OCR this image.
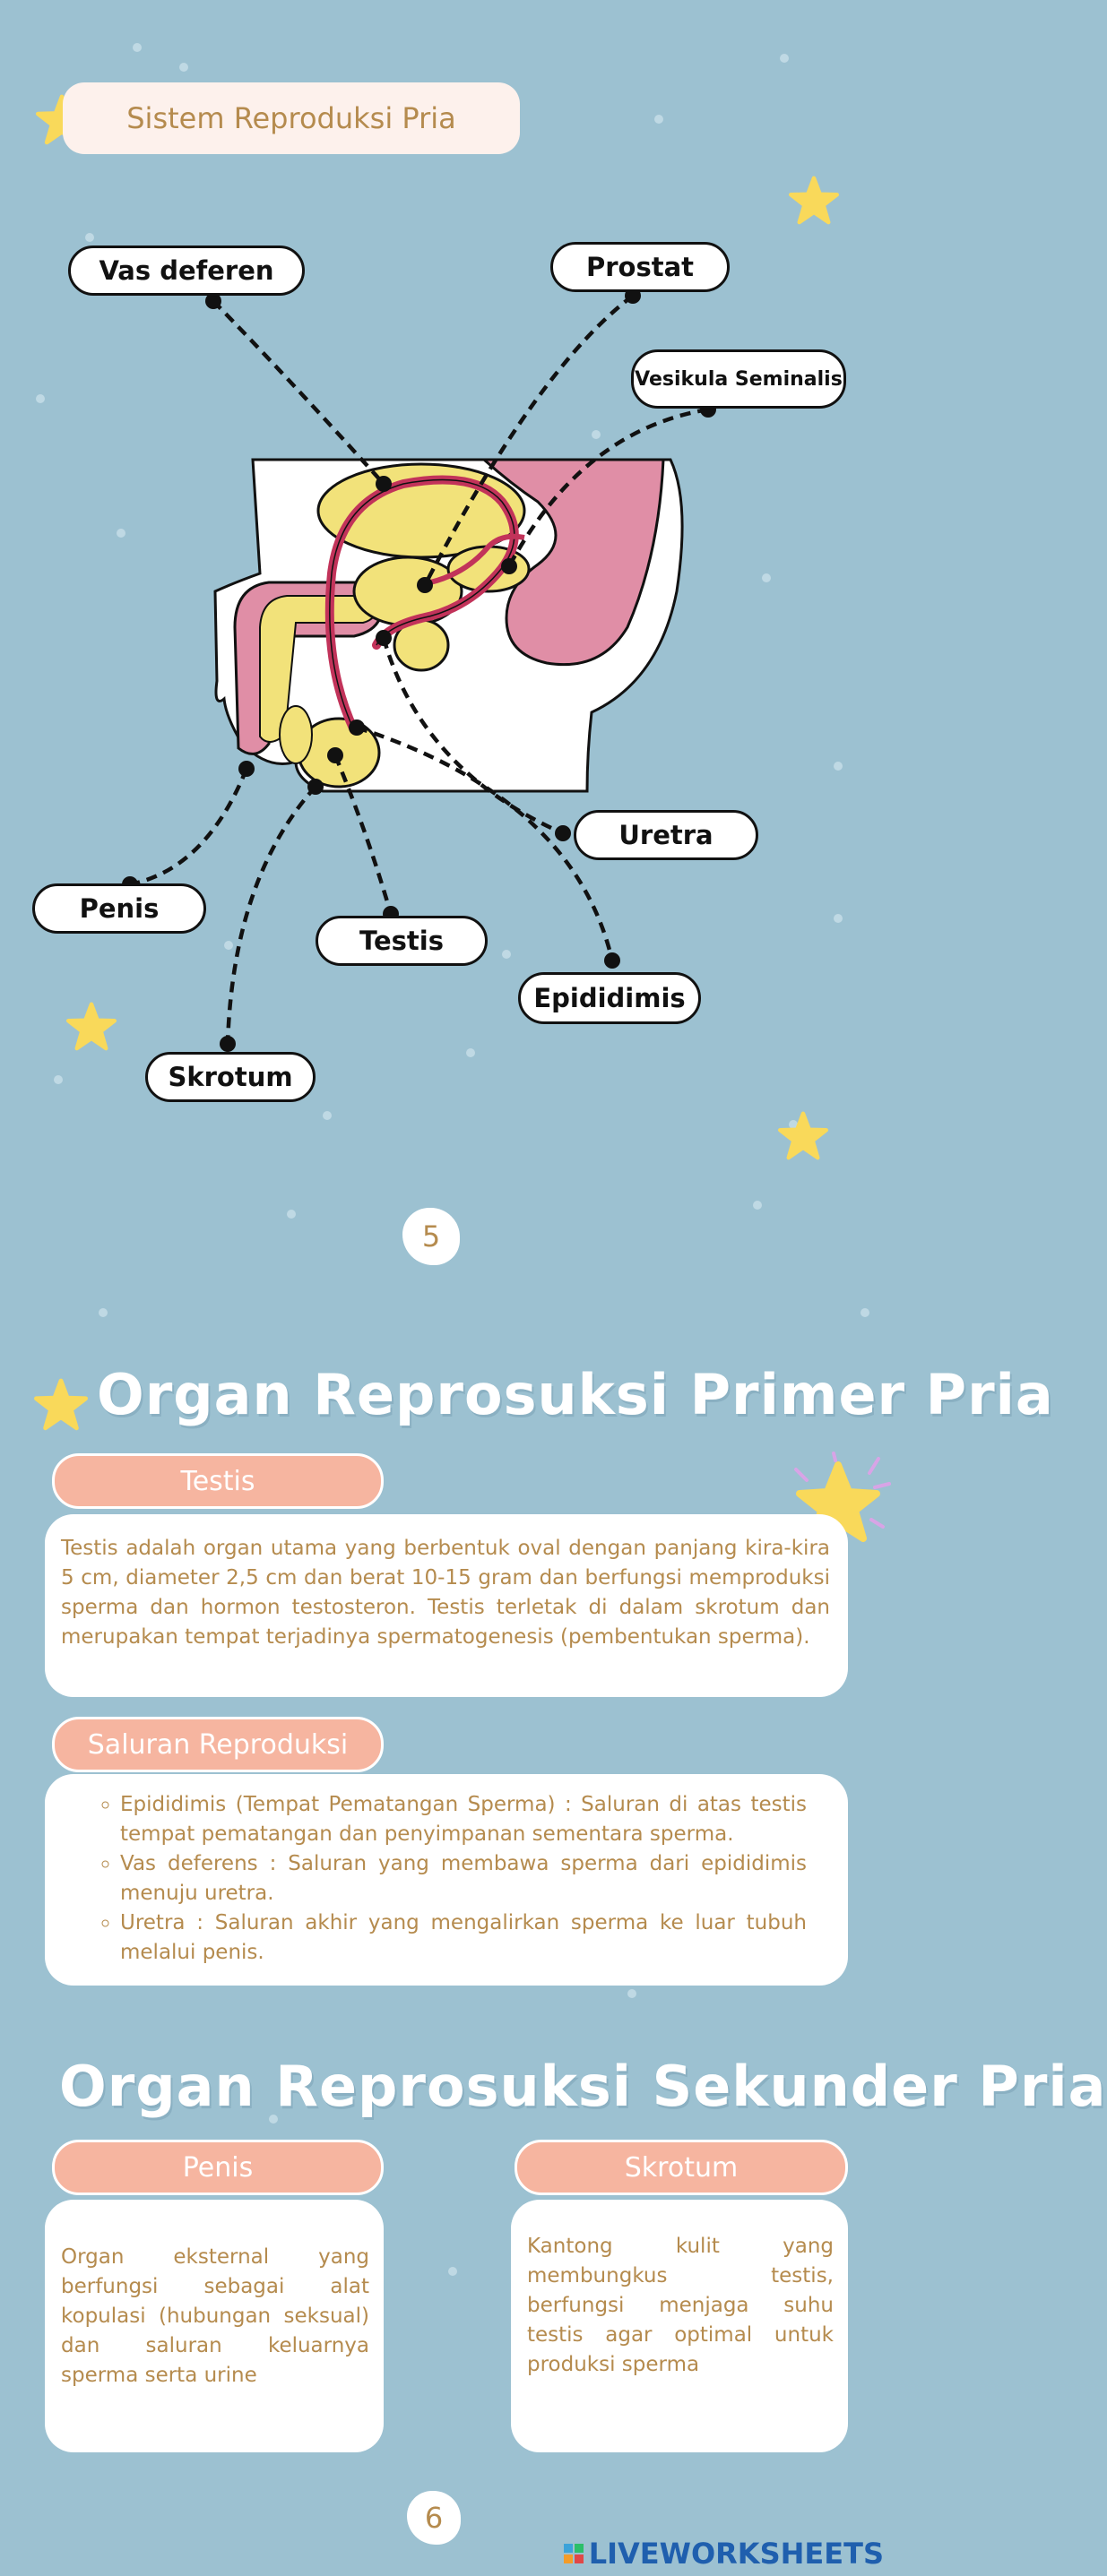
Sistem Reproduksi Pria
Vas deferen	Prostat
Vesikula Seminalis
Uretra
Penis
Testis
Epididimis
Skrotum
5
Organ Reprosuksi Primer Pria
Testis
Testis adalah organ utama yang berbentuk oval dengan panjang kira-kira 5 cm, diameter 2,5 cm dan berat 10-15 gram dan berfungsi memproduksi sperma dan hormon testosteron. Testis terletak di dalam skrotum dan merupakan tempat terjadinya spermatogenesis (pembentukan sperma).
Saluran Reproduksi
◦ Epididimis (Tempat Pematangan Sperma) : Saluran di atas testis tempat pematangan dan penyimpanan sementara sperma.
◦ Vas deferens : Saluran yang membawa sperma dari epididimis menuju uretra.
◦ Uretra : Saluran akhir yang mengalirkan sperma ke luar tubuh melalui penis.
Organ Reprosuksi Sekunder Pria
Penis
Organ eksternal yang berfungsi sebagai alat kopulasi (hubungan seksual) dan saluran keluarnya sperma serta urine
Skrotum
Kantong kulit yang membungkus testis, berfungsi menjaga suhu testis agar optimal untuk produksi sperma
6
LIVEWORKSHEETS
